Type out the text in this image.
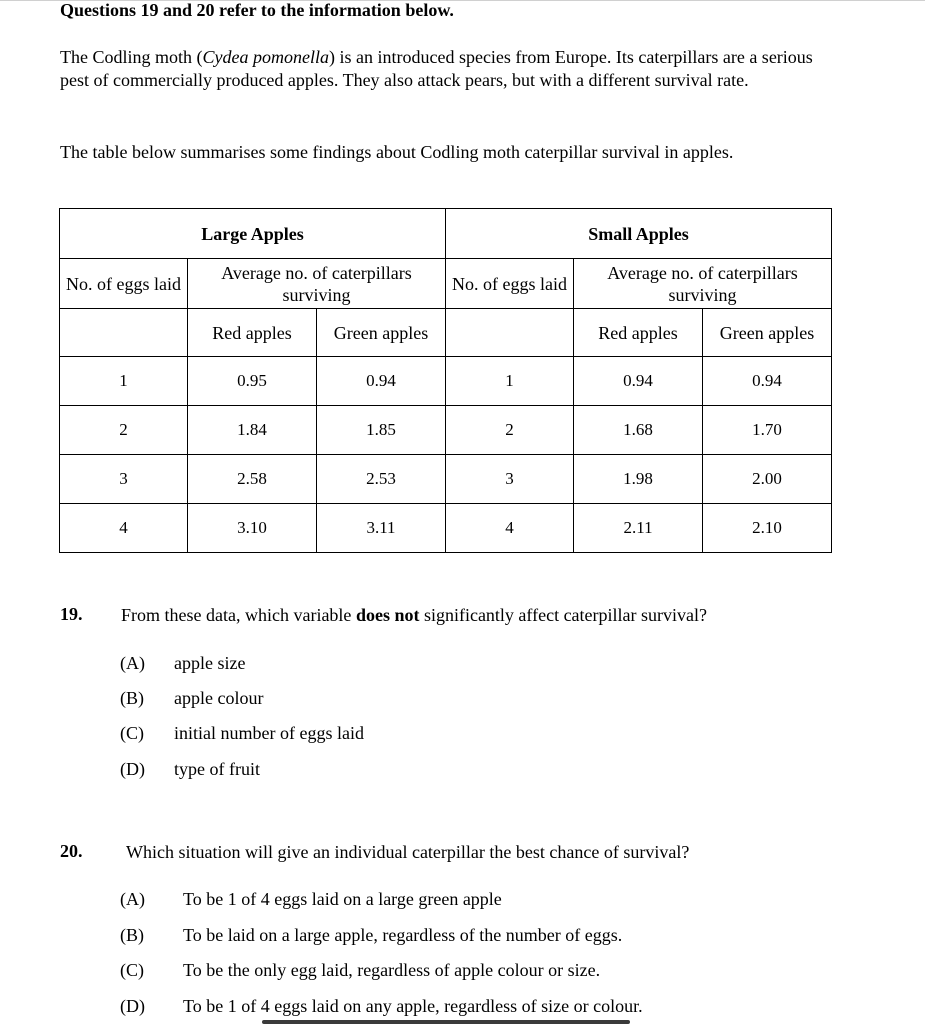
Questions 19 and 20 refer to the information below.

The Codling moth (Cydea pomonella) is an introduced species from Europe. Its caterpillars are a serious pest of commercially produced apples. They also attack pears, but with a different survival rate.

The table below summarises some findings about Codling moth caterpillar survival in apples.
Large Apples			Small Apples		
No. of eggs laid	Average no. of caterpillars surviving		No. of eggs laid	Average no. of caterpillars surviving	
	Red apples	Green apples		Red apples	Green apples
1	0.95	0.94	1	0.94	0.94
2	1.84	1.85	2	1.68	1.70
3	2.58	2.53	3	1.98	2.00
4	3.10	3.11	4	2.11	2.10
19. From these data, which variable does not significantly affect caterpillar survival?
(A) apple size
(B) apple colour
(C) initial number of eggs laid
(D) type of fruit
20. Which situation will give an individual caterpillar the best chance of survival?
(A) To be 1 of 4 eggs laid on a large green apple
(B) To be laid on a large apple, regardless of the number of eggs.
(C) To be the only egg laid, regardless of apple colour or size.
(D) To be 1 of 4 eggs laid on any apple, regardless of size or colour.
